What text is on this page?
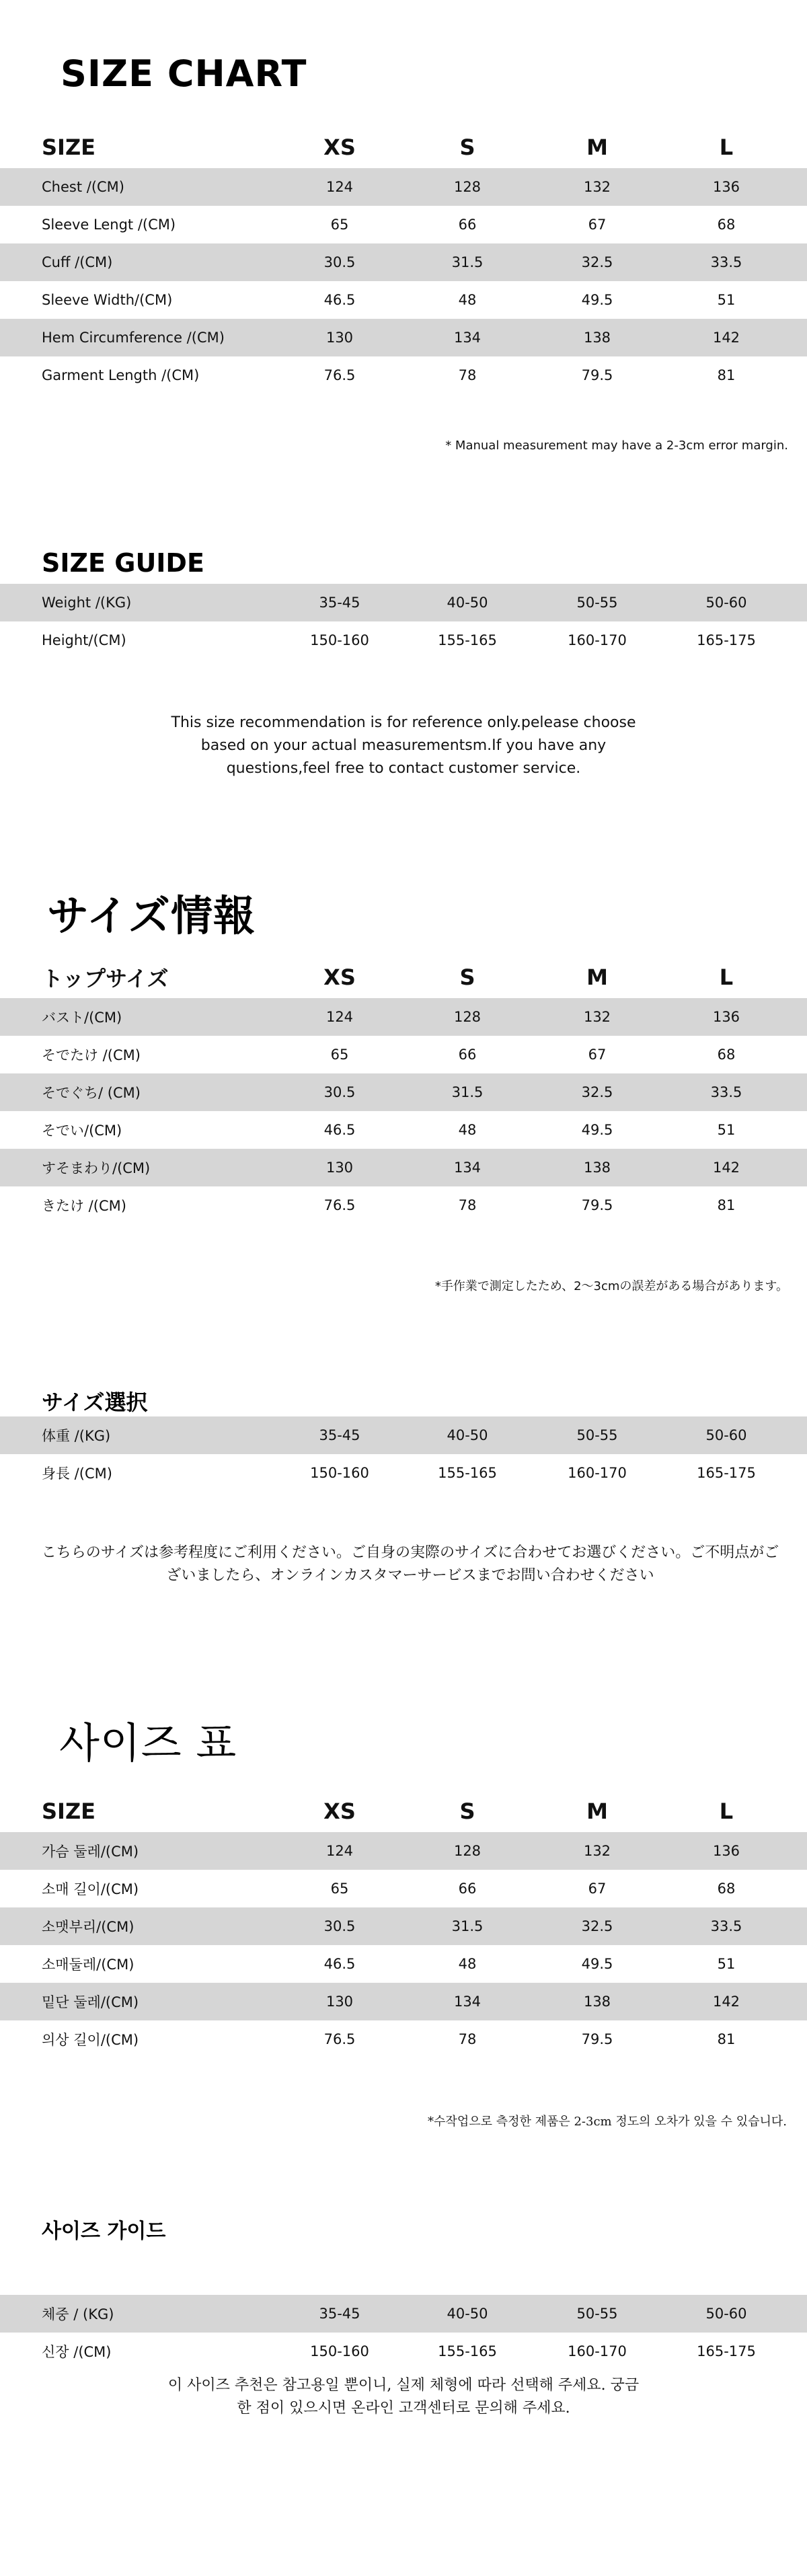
SIZE CHART
SIZE	XS	S	M	L
Chest /(CM)	124	128	132	136
Sleeve Lengt /(CM)	65	66	67	68
Cuff /(CM)	30.5	31.5	32.5	33.5
Sleeve Width/(CM)	46.5	48	49.5	51
Hem Circumference /(CM)	130	134	138	142
Garment Length /(CM)	76.5	78	79.5	81
* Manual measurement may have a 2-3cm error margin.
SIZE GUIDE
Weight /(KG)	35-45	40-50	50-55	50-60
Height/(CM)	150-160	155-165	160-170	165-175
This size recommendation is for reference only.pelease choose based on your actual measurementsm.If you have any questions,feel free to contact customer service.
サイズ情報
トップサイズ	XS	S	M	L
バスト/(CM)	124	128	132	136
そでたけ /(CM)	65	66	67	68
そでぐち/ (CM)	30.5	31.5	32.5	33.5
そでい/(CM)	46.5	48	49.5	51
すそまわり/(CM)	130	134	138	142
きたけ /(CM)	76.5	78	79.5	81
*手作業で測定したため、2～3cmの誤差がある場合があります。
サイズ選択
体重 /(KG)	35-45	40-50	50-55	50-60
身長 /(CM)	150-160	155-165	160-170	165-175
こちらのサイズは参考程度にご利用ください。ご自身の実際のサイズに合わせてお選びください。ご不明点がございましたら、オンラインカスタマーサービスまでお問い合わせください
사이즈 표
SIZE	XS	S	M	L
가슴 둘레/(CM)	124	128	132	136
소매 길이/(CM)	65	66	67	68
소맷부리/(CM)	30.5	31.5	32.5	33.5
소매둘레/(CM)	46.5	48	49.5	51
밑단 둘레/(CM)	130	134	138	142
의상 길이/(CM)	76.5	78	79.5	81
*수작업으로 측정한 제품은 2-3cm 정도의 오차가 있을 수 있습니다.
사이즈 가이드
체중 / (KG)	35-45	40-50	50-55	50-60
신장 /(CM)	150-160	155-165	160-170	165-175
이 사이즈 추천은 참고용일 뿐이니, 실제 체형에 따라 선택해 주세요. 궁금한 점이 있으시면 온라인 고객센터로 문의해 주세요.
